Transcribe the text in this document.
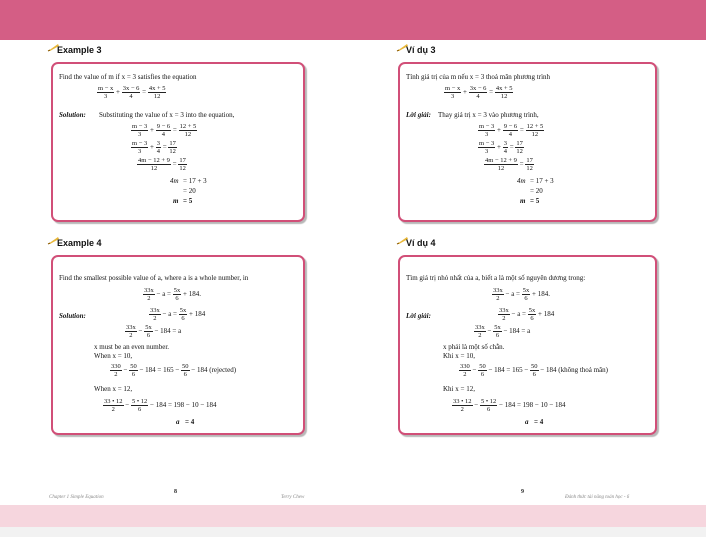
Example 3
Find the value of m if x = 3 satisfies the equation
$\frac{m - x}{3} + \frac{3x - 6}{4} = \frac{4x + 5}{12}$
Solution: Substituting the value of x = 3 into the equation,
$\frac{m - 3}{3} + \frac{9 - 6}{4} = \frac{12 + 5}{12}$
$\frac{m - 3}{3} + \frac{3}{4} = \frac{17}{12}$
$\frac{4m - 12 + 9}{12} = \frac{17}{12}$
4m = 17 + 3
= 20
m = 5
Example 4
Find the smallest possible value of a, where a is a whole number, in
$\frac{33x}{2} - a = \frac{5x}{6} + 184$.
Solution:	$\frac{33x}{2} - a = \frac{5x}{6} + 184$
$\frac{33x}{2} - \frac{5x}{6} - 184 = a$
x must be an even number.
When x = 10,
$\frac{330}{2} - \frac{50}{6} - 184 = 165 - \frac{50}{6} - 184$ (rejected)
When x = 12,
$\frac{33 • 12}{2} - \frac{5 • 12}{6} - 184 = 198 - 10 - 184$
a = 4
Chapter 1 Simple Equation
8
Terry Chew
Ví dụ 3
Tính giá trị của m nếu x = 3 thoả mãn phương trình
$\frac{m - x}{3} + \frac{3x - 6}{4} = \frac{4x + 5}{12}$
Lời giải: Thay giá trị x = 3 vào phương trình,
$\frac{m - 3}{3} + \frac{9 - 6}{4} = \frac{12 + 5}{12}$
$\frac{m - 3}{3} + \frac{3}{4} = \frac{17}{12}$
$\frac{4m - 12 + 9}{12} = \frac{17}{12}$
4m = 17 + 3
= 20
m = 5
Ví dụ 4
Tìm giá trị nhỏ nhất của a, biết a là một số nguyên dương trong:
$\frac{33x}{2} - a = \frac{5x}{6} + 184$.
Lời giải:	$\frac{33x}{2} - a = \frac{5x}{6} + 184$
$\frac{33x}{2} - \frac{5x}{6} - 184 = a$
x phải là một số chẵn.
Khi x = 10,
$\frac{330}{2} - \frac{50}{6} - 184 = 165 - \frac{50}{6} - 184$ (không thoả mãn)
Khi x = 12,
$\frac{33 • 12}{2} - \frac{5 • 12}{6} - 184 = 198 - 10 - 184$
a = 4
9
Đánh thức tài năng toán học - 6
